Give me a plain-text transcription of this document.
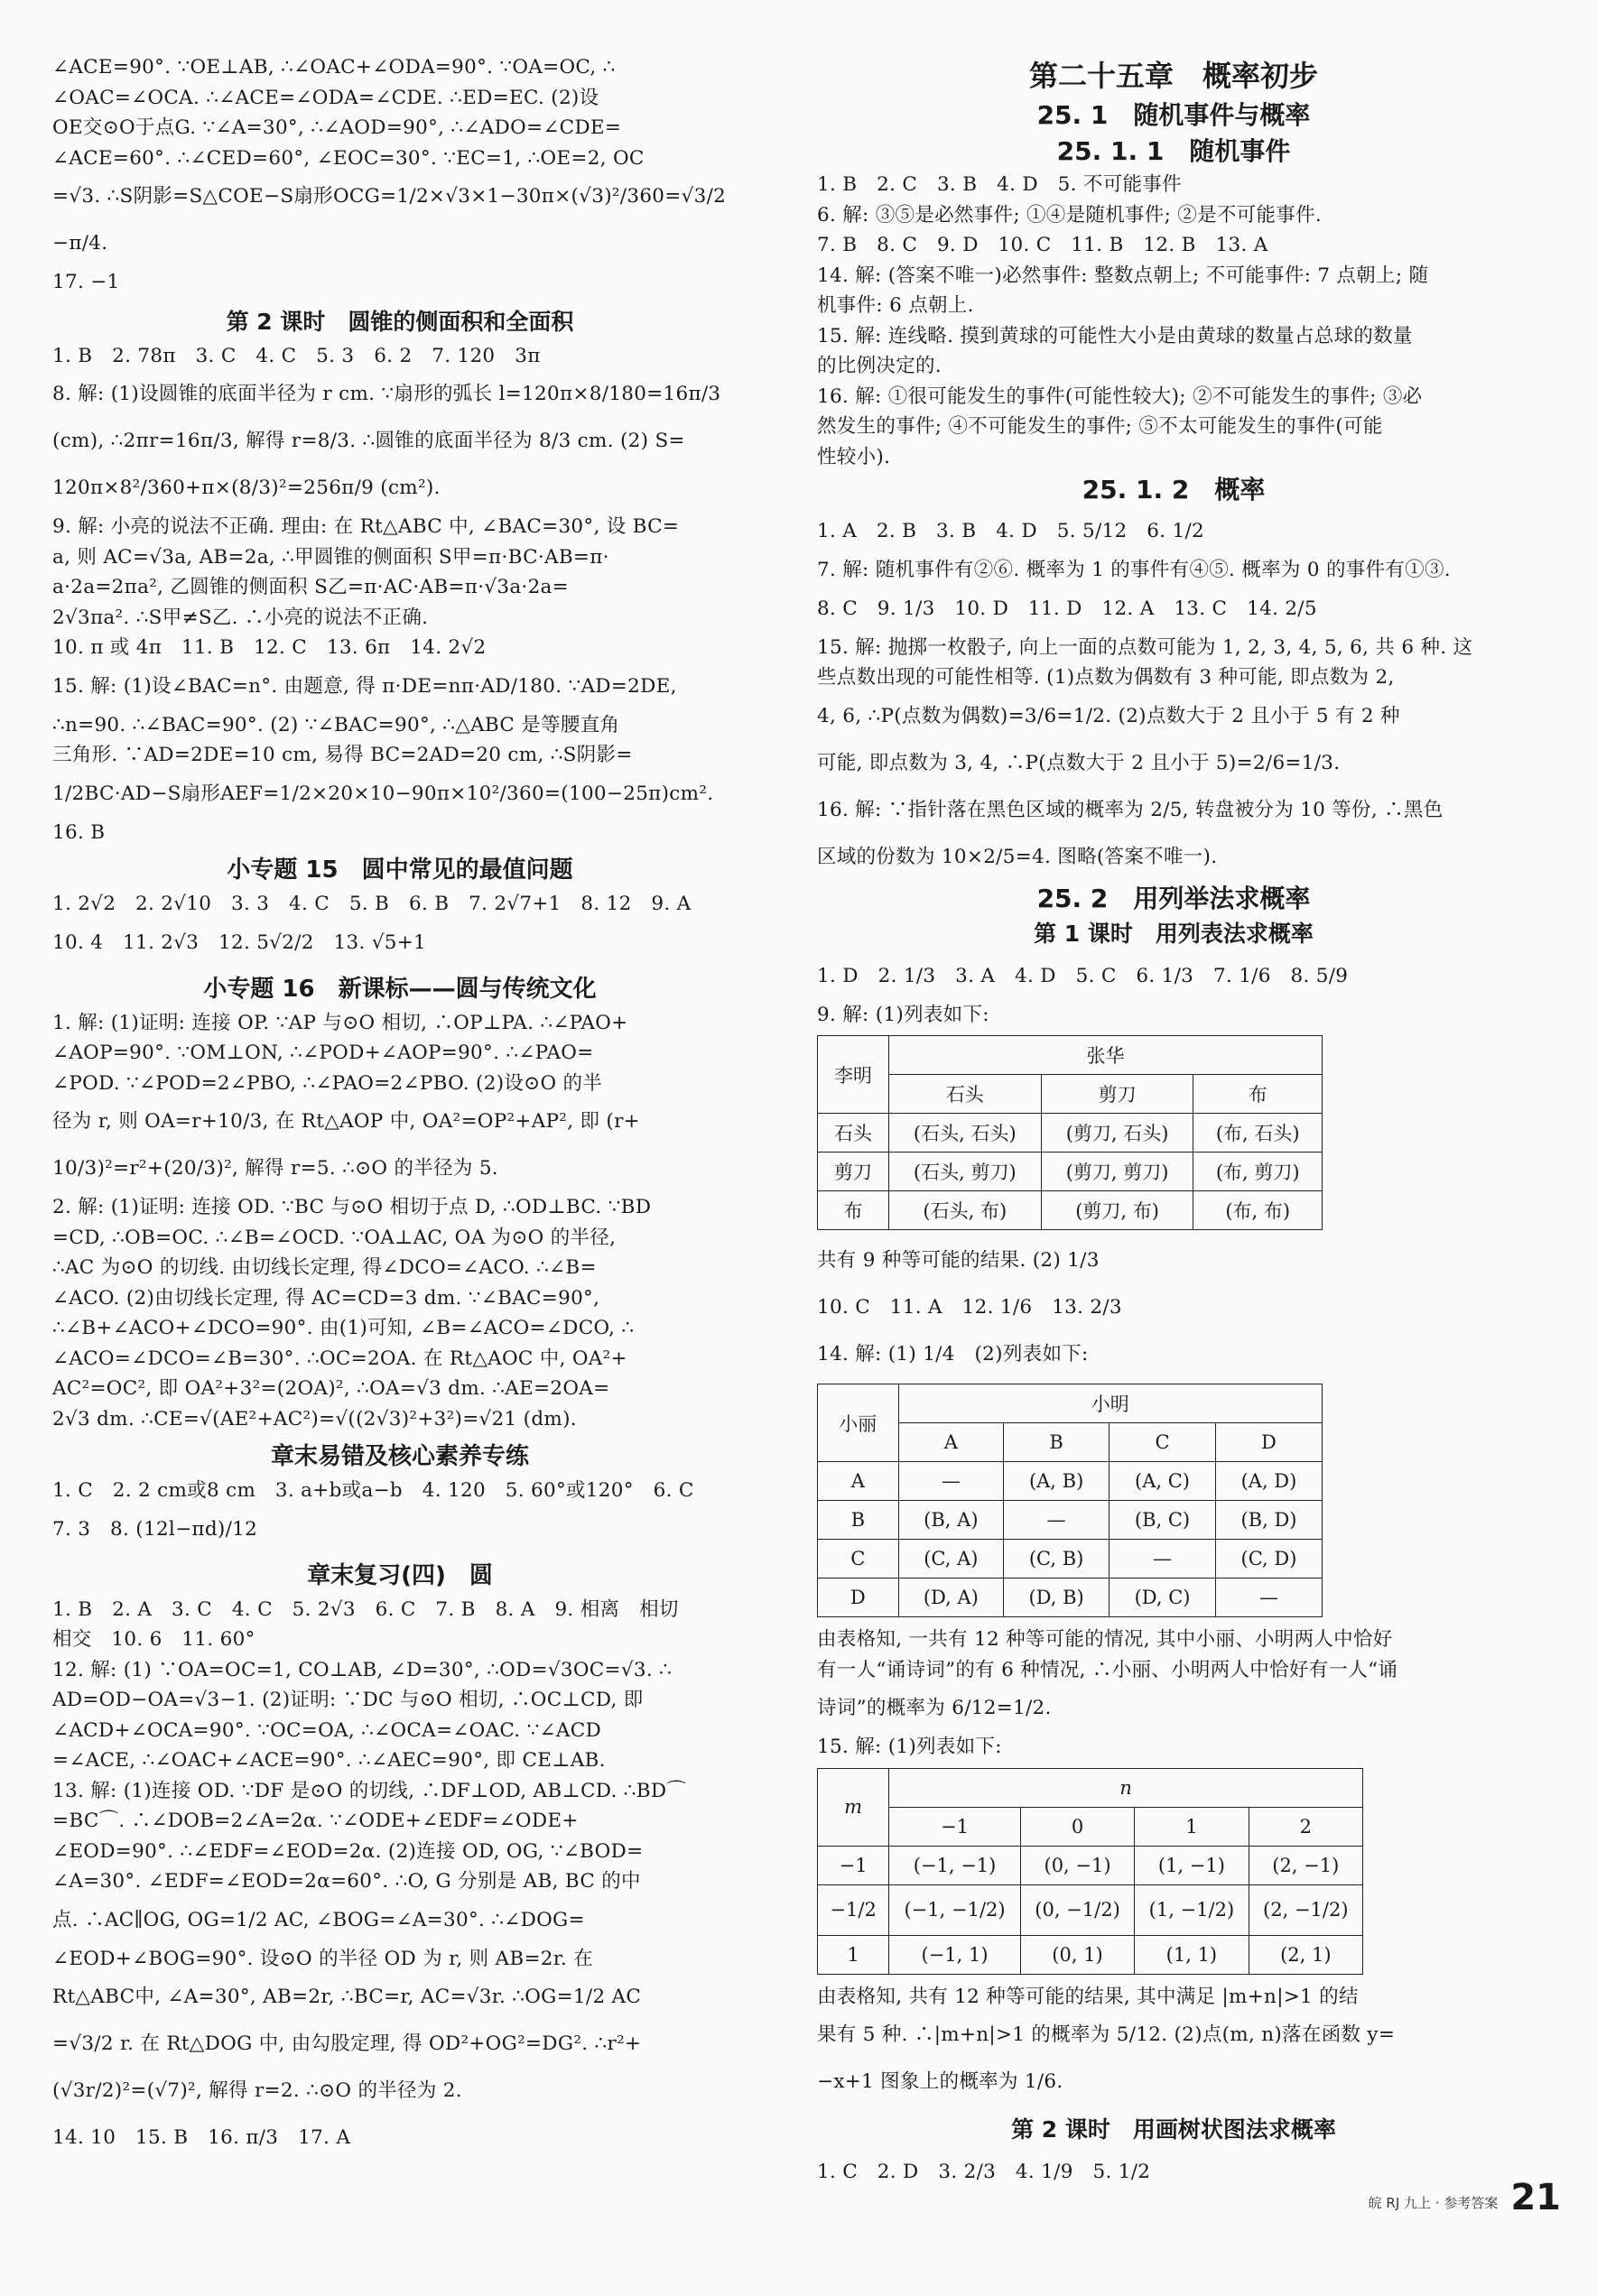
∠ACE=90°. ∵OE⊥AB, ∴∠OAC+∠ODA=90°. ∵OA=OC, ∴
∠OAC=∠OCA. ∴∠ACE=∠ODA=∠CDE. ∴ED=EC. (2)设
OE交⊙O于点G. ∵∠A=30°, ∴∠AOD=90°, ∴∠ADO=∠CDE=
∠ACE=60°. ∴∠CED=60°, ∠EOC=30°. ∵EC=1, ∴OE=2, OC
=√3. ∴S阴影=S△COE−S扇形OCG=1/2×√3×1−30π×(√3)²/360=√3/2
−π/4.
17. −1
第 2 课时　圆锥的侧面积和全面积
1. B　2. 78π　3. C　4. C　5. 3　6. 2　7. 120　3π
8. 解: (1)设圆锥的底面半径为 r cm. ∵扇形的弧长 l=120π×8/180=16π/3
(cm), ∴2πr=16π/3, 解得 r=8/3. ∴圆锥的底面半径为 8/3 cm. (2) S=
120π×8²/360+π×(8/3)²=256π/9 (cm²).
9. 解: 小亮的说法不正确. 理由: 在 Rt△ABC 中, ∠BAC=30°, 设 BC=
a, 则 AC=√3a, AB=2a, ∴甲圆锥的侧面积 S甲=π·BC·AB=π·
a·2a=2πa², 乙圆锥的侧面积 S乙=π·AC·AB=π·√3a·2a=
2√3πa². ∴S甲≠S乙. ∴小亮的说法不正确.
10. π 或 4π　11. B　12. C　13. 6π　14. 2√2
15. 解: (1)设∠BAC=n°. 由题意, 得 π·DE=nπ·AD/180. ∵AD=2DE,
∴n=90. ∴∠BAC=90°. (2) ∵∠BAC=90°, ∴△ABC 是等腰直角
三角形. ∵AD=2DE=10 cm, 易得 BC=2AD=20 cm, ∴S阴影=
1/2BC·AD−S扇形AEF=1/2×20×10−90π×10²/360=(100−25π)cm².
16. B
小专题 15　圆中常见的最值问题
1. 2√2　2. 2√10　3. 3　4. C　5. B　6. B　7. 2√7+1　8. 12　9. A
10. 4　11. 2√3　12. 5√2/2　13. √5+1
小专题 16　新课标——圆与传统文化
1. 解: (1)证明: 连接 OP. ∵AP 与⊙O 相切, ∴OP⊥PA. ∴∠PAO+
∠AOP=90°. ∵OM⊥ON, ∴∠POD+∠AOP=90°. ∴∠PAO=
∠POD. ∵∠POD=2∠PBO, ∴∠PAO=2∠PBO. (2)设⊙O 的半
径为 r, 则 OA=r+10/3, 在 Rt△AOP 中, OA²=OP²+AP², 即 (r+
10/3)²=r²+(20/3)², 解得 r=5. ∴⊙O 的半径为 5.
2. 解: (1)证明: 连接 OD. ∵BC 与⊙O 相切于点 D, ∴OD⊥BC. ∵BD
=CD, ∴OB=OC. ∴∠B=∠OCD. ∵OA⊥AC, OA 为⊙O 的半径,
∴AC 为⊙O 的切线. 由切线长定理, 得∠DCO=∠ACO. ∴∠B=
∠ACO. (2)由切线长定理, 得 AC=CD=3 dm. ∵∠BAC=90°,
∴∠B+∠ACO+∠DCO=90°. 由(1)可知, ∠B=∠ACO=∠DCO, ∴
∠ACO=∠DCO=∠B=30°. ∴OC=2OA. 在 Rt△AOC 中, OA²+
AC²=OC², 即 OA²+3²=(2OA)², ∴OA=√3 dm. ∴AE=2OA=
2√3 dm. ∴CE=√(AE²+AC²)=√((2√3)²+3²)=√21 (dm).
章末易错及核心素养专练
1. C　2. 2 cm或8 cm　3. a+b或a−b　4. 120　5. 60°或120°　6. C
7. 3　8. (12l−πd)/12
章末复习(四)　圆
1. B　2. A　3. C　4. C　5. 2√3　6. C　7. B　8. A　9. 相离　相切
相交　10. 6　11. 60°
12. 解: (1) ∵OA=OC=1, CO⊥AB, ∠D=30°, ∴OD=√3OC=√3. ∴
AD=OD−OA=√3−1. (2)证明: ∵DC 与⊙O 相切, ∴OC⊥CD, 即
∠ACD+∠OCA=90°. ∵OC=OA, ∴∠OCA=∠OAC. ∵∠ACD
=∠ACE, ∴∠OAC+∠ACE=90°. ∴∠AEC=90°, 即 CE⊥AB.
13. 解: (1)连接 OD. ∵DF 是⊙O 的切线, ∴DF⊥OD, AB⊥CD. ∴BD⌒
=BC⌒. ∴∠DOB=2∠A=2α. ∵∠ODE+∠EDF=∠ODE+
∠EOD=90°. ∴∠EDF=∠EOD=2α. (2)连接 OD, OG, ∵∠BOD=
∠A=30°. ∠EDF=∠EOD=2α=60°. ∴O, G 分别是 AB, BC 的中
点. ∴AC∥OG, OG=1/2 AC, ∠BOG=∠A=30°. ∴∠DOG=
∠EOD+∠BOG=90°. 设⊙O 的半径 OD 为 r, 则 AB=2r. 在
Rt△ABC中, ∠A=30°, AB=2r, ∴BC=r, AC=√3r. ∴OG=1/2 AC
=√3/2 r. 在 Rt△DOG 中, 由勾股定理, 得 OD²+OG²=DG². ∴r²+
(√3r/2)²=(√7)², 解得 r=2. ∴⊙O 的半径为 2.
14. 10　15. B　16. π/3　17. A
第二十五章　概率初步
25. 1　随机事件与概率
25. 1. 1　随机事件
1. B　2. C　3. B　4. D　5. 不可能事件
6. 解: ③⑤是必然事件; ①④是随机事件; ②是不可能事件.
7. B　8. C　9. D　10. C　11. B　12. B　13. A
14. 解: (答案不唯一)必然事件: 整数点朝上; 不可能事件: 7 点朝上; 随
机事件: 6 点朝上.
15. 解: 连线略. 摸到黄球的可能性大小是由黄球的数量占总球的数量
的比例决定的.
16. 解: ①很可能发生的事件(可能性较大); ②不可能发生的事件; ③必
然发生的事件; ④不可能发生的事件; ⑤不太可能发生的事件(可能
性较小).
25. 1. 2　概率
1. A　2. B　3. B　4. D　5. 5/12　6. 1/2
7. 解: 随机事件有②⑥. 概率为 1 的事件有④⑤. 概率为 0 的事件有①③.
8. C　9. 1/3　10. D　11. D　12. A　13. C　14. 2/5
15. 解: 抛掷一枚骰子, 向上一面的点数可能为 1, 2, 3, 4, 5, 6, 共 6 种. 这
些点数出现的可能性相等. (1)点数为偶数有 3 种可能, 即点数为 2,
4, 6, ∴P(点数为偶数)=3/6=1/2. (2)点数大于 2 且小于 5 有 2 种
可能, 即点数为 3, 4, ∴P(点数大于 2 且小于 5)=2/6=1/3.
16. 解: ∵指针落在黑色区域的概率为 2/5, 转盘被分为 10 等份, ∴黑色
区域的份数为 10×2/5=4. 图略(答案不唯一).
25. 2　用列举法求概率
第 1 课时　用列表法求概率
1. D　2. 1/3　3. A　4. D　5. C　6. 1/3　7. 1/6　8. 5/9
9. 解: (1)列表如下:
李明	张华		
	石头	剪刀	布
石头	(石头, 石头)	(剪刀, 石头)	(布, 石头)
剪刀	(石头, 剪刀)	(剪刀, 剪刀)	(布, 剪刀)
布	(石头, 布)	(剪刀, 布)	(布, 布)
共有 9 种等可能的结果. (2) 1/3
10. C　11. A　12. 1/6　13. 2/3
14. 解: (1) 1/4　(2)列表如下:
小丽	小明			
	A	B	C	D
A	—	(A, B)	(A, C)	(A, D)
B	(B, A)	—	(B, C)	(B, D)
C	(C, A)	(C, B)	—	(C, D)
D	(D, A)	(D, B)	(D, C)	—
由表格知, 一共有 12 种等可能的情况, 其中小丽、小明两人中恰好
有一人“诵诗词”的有 6 种情况, ∴小丽、小明两人中恰好有一人“诵
诗词”的概率为 6/12=1/2.
15. 解: (1)列表如下:
m	n			
	−1	0	1	2
−1	(−1, −1)	(0, −1)	(1, −1)	(2, −1)
−1/2	(−1, −1/2)	(0, −1/2)	(1, −1/2)	(2, −1/2)
1	(−1, 1)	(0, 1)	(1, 1)	(2, 1)
由表格知, 共有 12 种等可能的结果, 其中满足 |m+n|>1 的结
果有 5 种. ∴|m+n|>1 的概率为 5/12. (2)点(m, n)落在函数 y=
−x+1 图象上的概率为 1/6.
第 2 课时　用画树状图法求概率
1. C　2. D　3. 2/3　4. 1/9　5. 1/2
皖 RJ 九上 · 参考答案 21
